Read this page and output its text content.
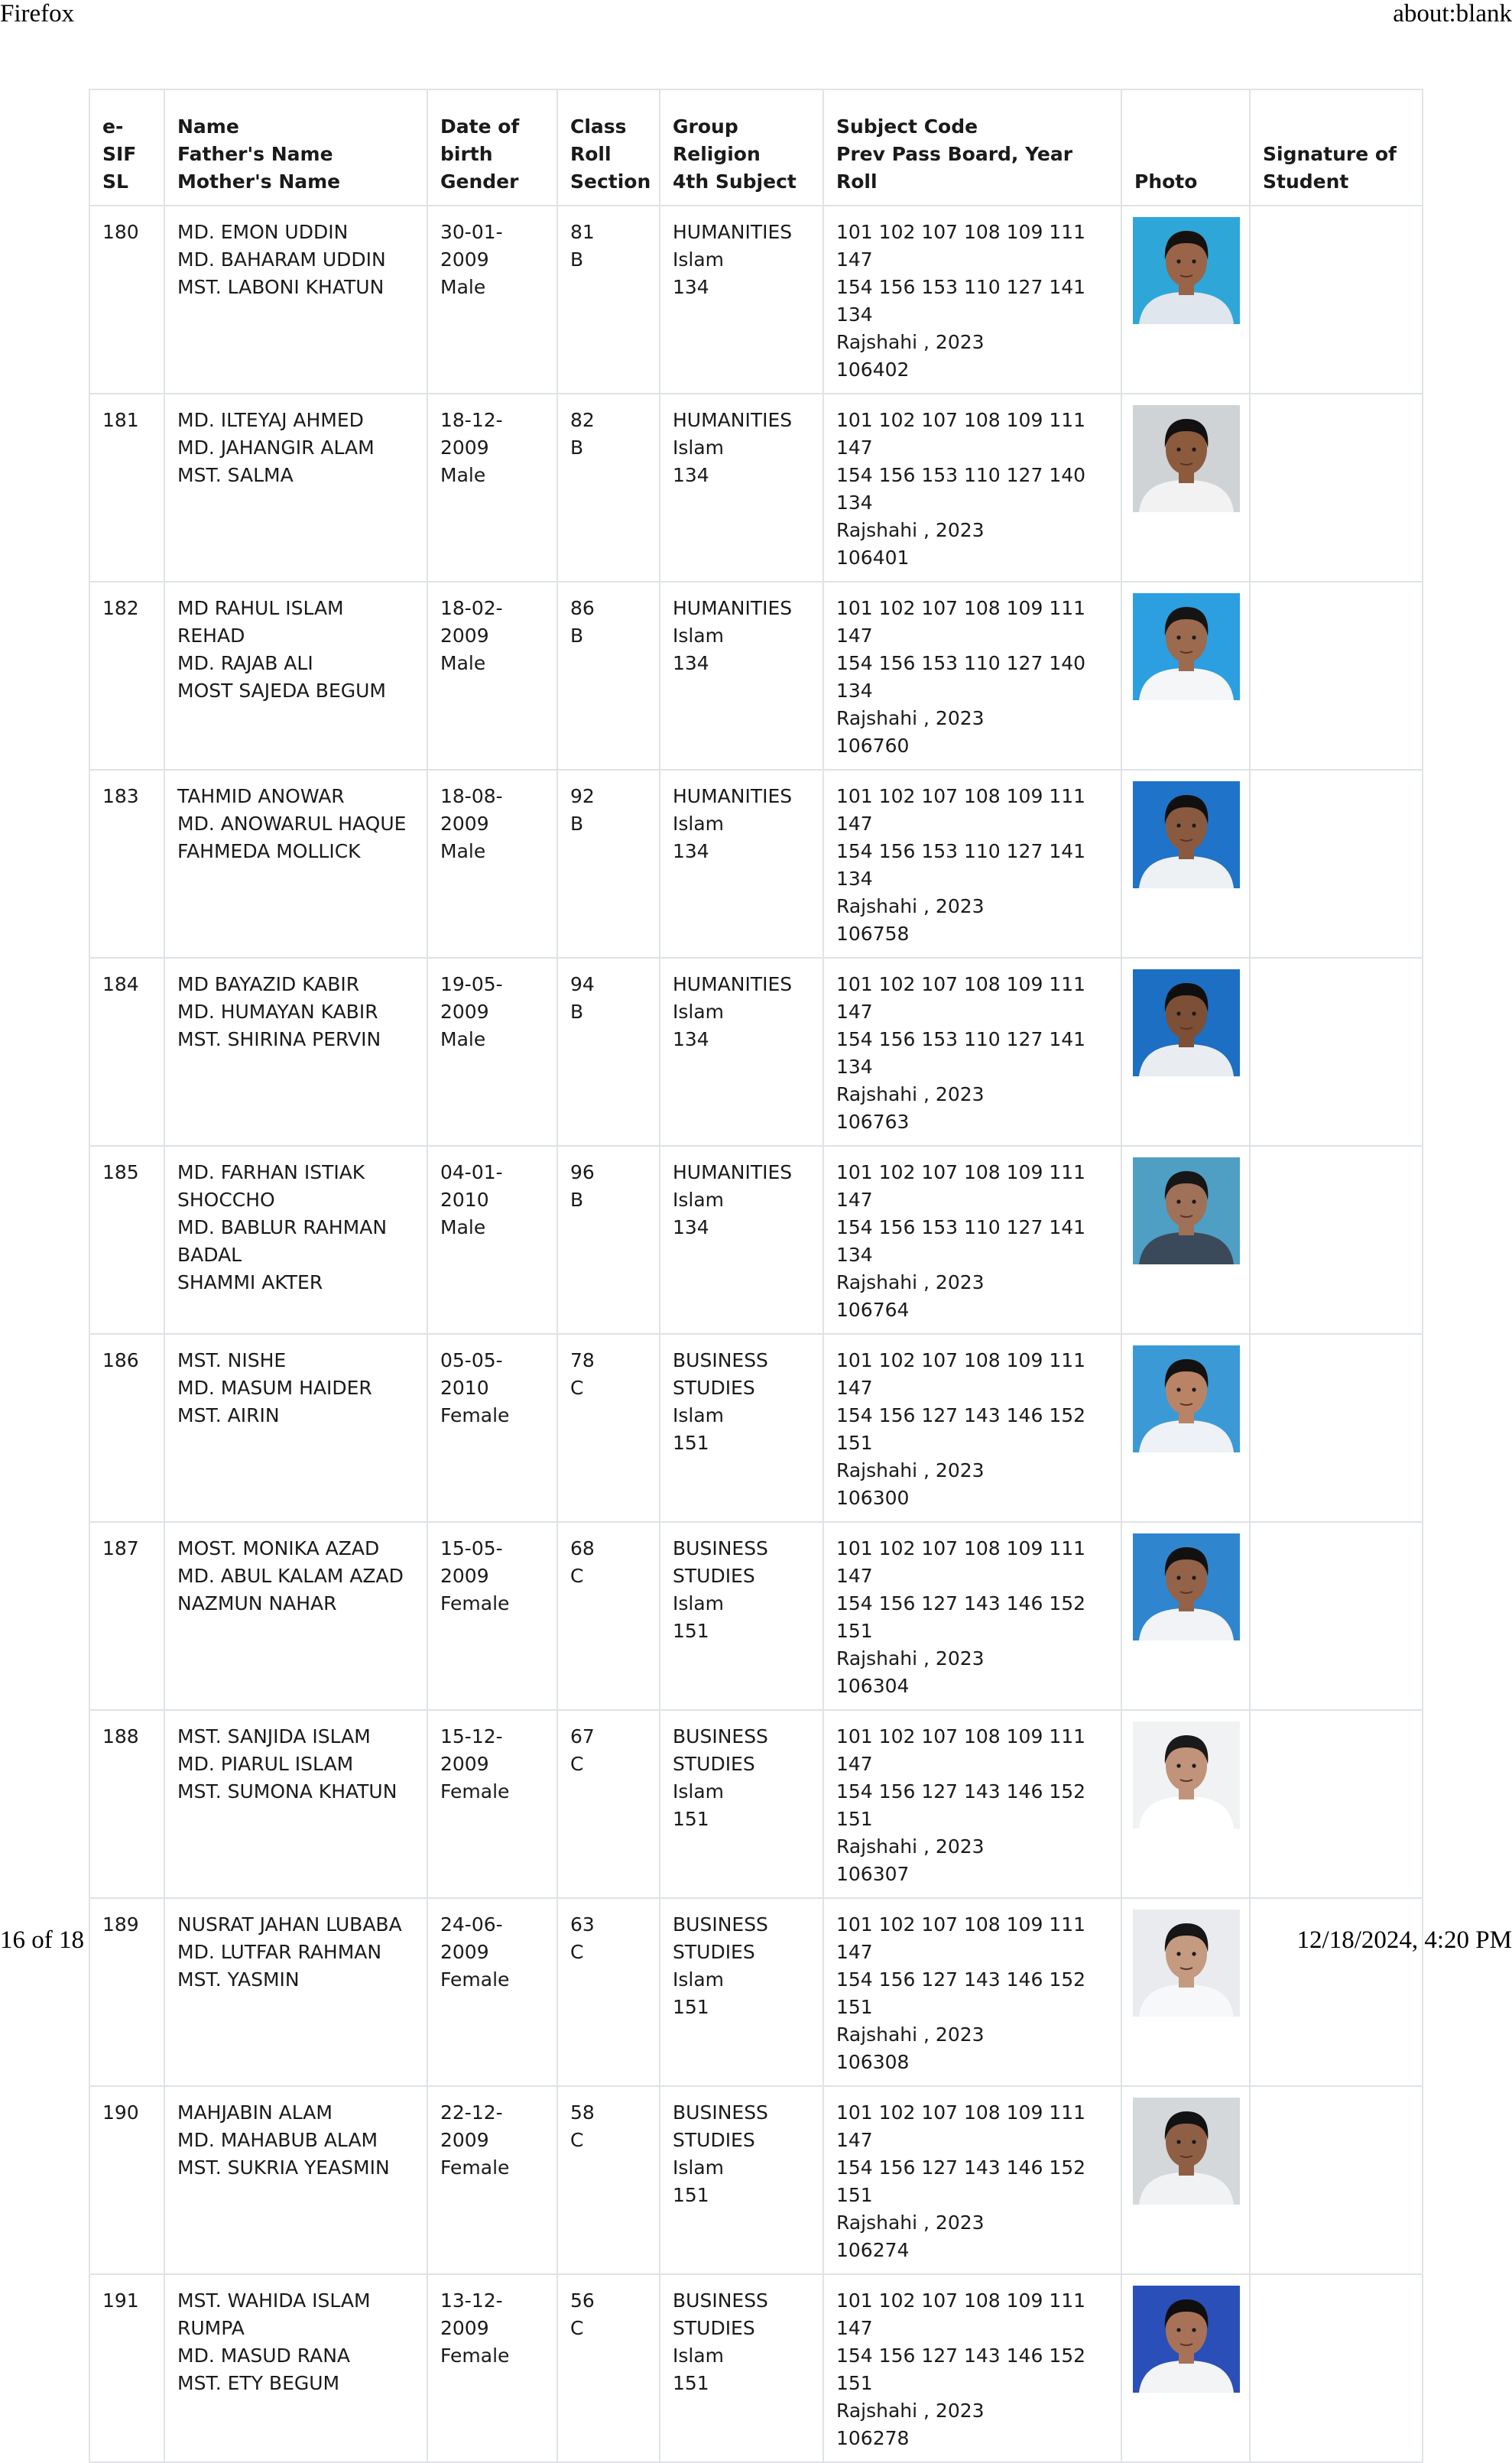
Firefox	about:blank
e-SIF
SL	Name
Father's Name
Mother's Name	Date of
birth
Gender	Class
Roll
Section	Group
Religion
4th Subject	Subject Code
Prev Pass Board, Year
Roll	Photo	Signature of
Student

180	MD. EMON UDDIN
MD. BAHARAM UDDIN
MST. LABONI KHATUN	30-01-2009
Male	81
B	HUMANITIES
Islam
134	101 102 107 108 109 111 147
154 156 153 110 127 141 134
Rajshahi , 2023
106402

181	MD. ILTEYAJ AHMED
MD. JAHANGIR ALAM
MST. SALMA	18-12-2009
Male	82
B	HUMANITIES
Islam
134	101 102 107 108 109 111 147
154 156 153 110 127 140 134
Rajshahi , 2023
106401

182	MD RAHUL ISLAM REHAD
MD. RAJAB ALI
MOST SAJEDA BEGUM	18-02-2009
Male	86
B	HUMANITIES
Islam
134	101 102 107 108 109 111 147
154 156 153 110 127 140 134
Rajshahi , 2023
106760

183	TAHMID ANOWAR
MD. ANOWARUL HAQUE
FAHMEDA MOLLICK	18-08-2009
Male	92
B	HUMANITIES
Islam
134	101 102 107 108 109 111 147
154 156 153 110 127 141 134
Rajshahi , 2023
106758

184	MD BAYAZID KABIR
MD. HUMAYAN KABIR
MST. SHIRINA PERVIN	19-05-2009
Male	94
B	HUMANITIES
Islam
134	101 102 107 108 109 111 147
154 156 153 110 127 141 134
Rajshahi , 2023
106763

185	MD. FARHAN ISTIAK
SHOCCHO
MD. BABLUR RAHMAN
BADAL
SHAMMI AKTER	04-01-2010
Male	96
B	HUMANITIES
Islam
134	101 102 107 108 109 111 147
154 156 153 110 127 141 134
Rajshahi , 2023
106764

186	MST. NISHE
MD. MASUM HAIDER
MST. AIRIN	05-05-2010
Female	78
C	BUSINESS
STUDIES
Islam
151	101 102 107 108 109 111 147
154 156 127 143 146 152 151
Rajshahi , 2023
106300

187	MOST. MONIKA AZAD
MD. ABUL KALAM AZAD
NAZMUN NAHAR	15-05-2009
Female	68
C	BUSINESS
STUDIES
Islam
151	101 102 107 108 109 111 147
154 156 127 143 146 152 151
Rajshahi , 2023
106304

188	MST. SANJIDA ISLAM
MD. PIARUL ISLAM
MST. SUMONA KHATUN	15-12-2009
Female	67
C	BUSINESS
STUDIES
Islam
151	101 102 107 108 109 111 147
154 156 127 143 146 152 151
Rajshahi , 2023
106307

189	NUSRAT JAHAN LUBABA
MD. LUTFAR RAHMAN
MST. YASMIN	24-06-2009
Female	63
C	BUSINESS
STUDIES
Islam
151	101 102 107 108 109 111 147
154 156 127 143 146 152 151
Rajshahi , 2023
106308

190	MAHJABIN ALAM
MD. MAHABUB ALAM
MST. SUKRIA YEASMIN	22-12-2009
Female	58
C	BUSINESS
STUDIES
Islam
151	101 102 107 108 109 111 147
154 156 127 143 146 152 151
Rajshahi , 2023
106274

191	MST. WAHIDA ISLAM
RUMPA
MD. MASUD RANA
MST. ETY BEGUM	13-12-2009
Female	56
C	BUSINESS
STUDIES
Islam
151	101 102 107 108 109 111 147
154 156 127 143 146 152 151
Rajshahi , 2023
106278

16 of 18	12/18/2024, 4:20 PM
